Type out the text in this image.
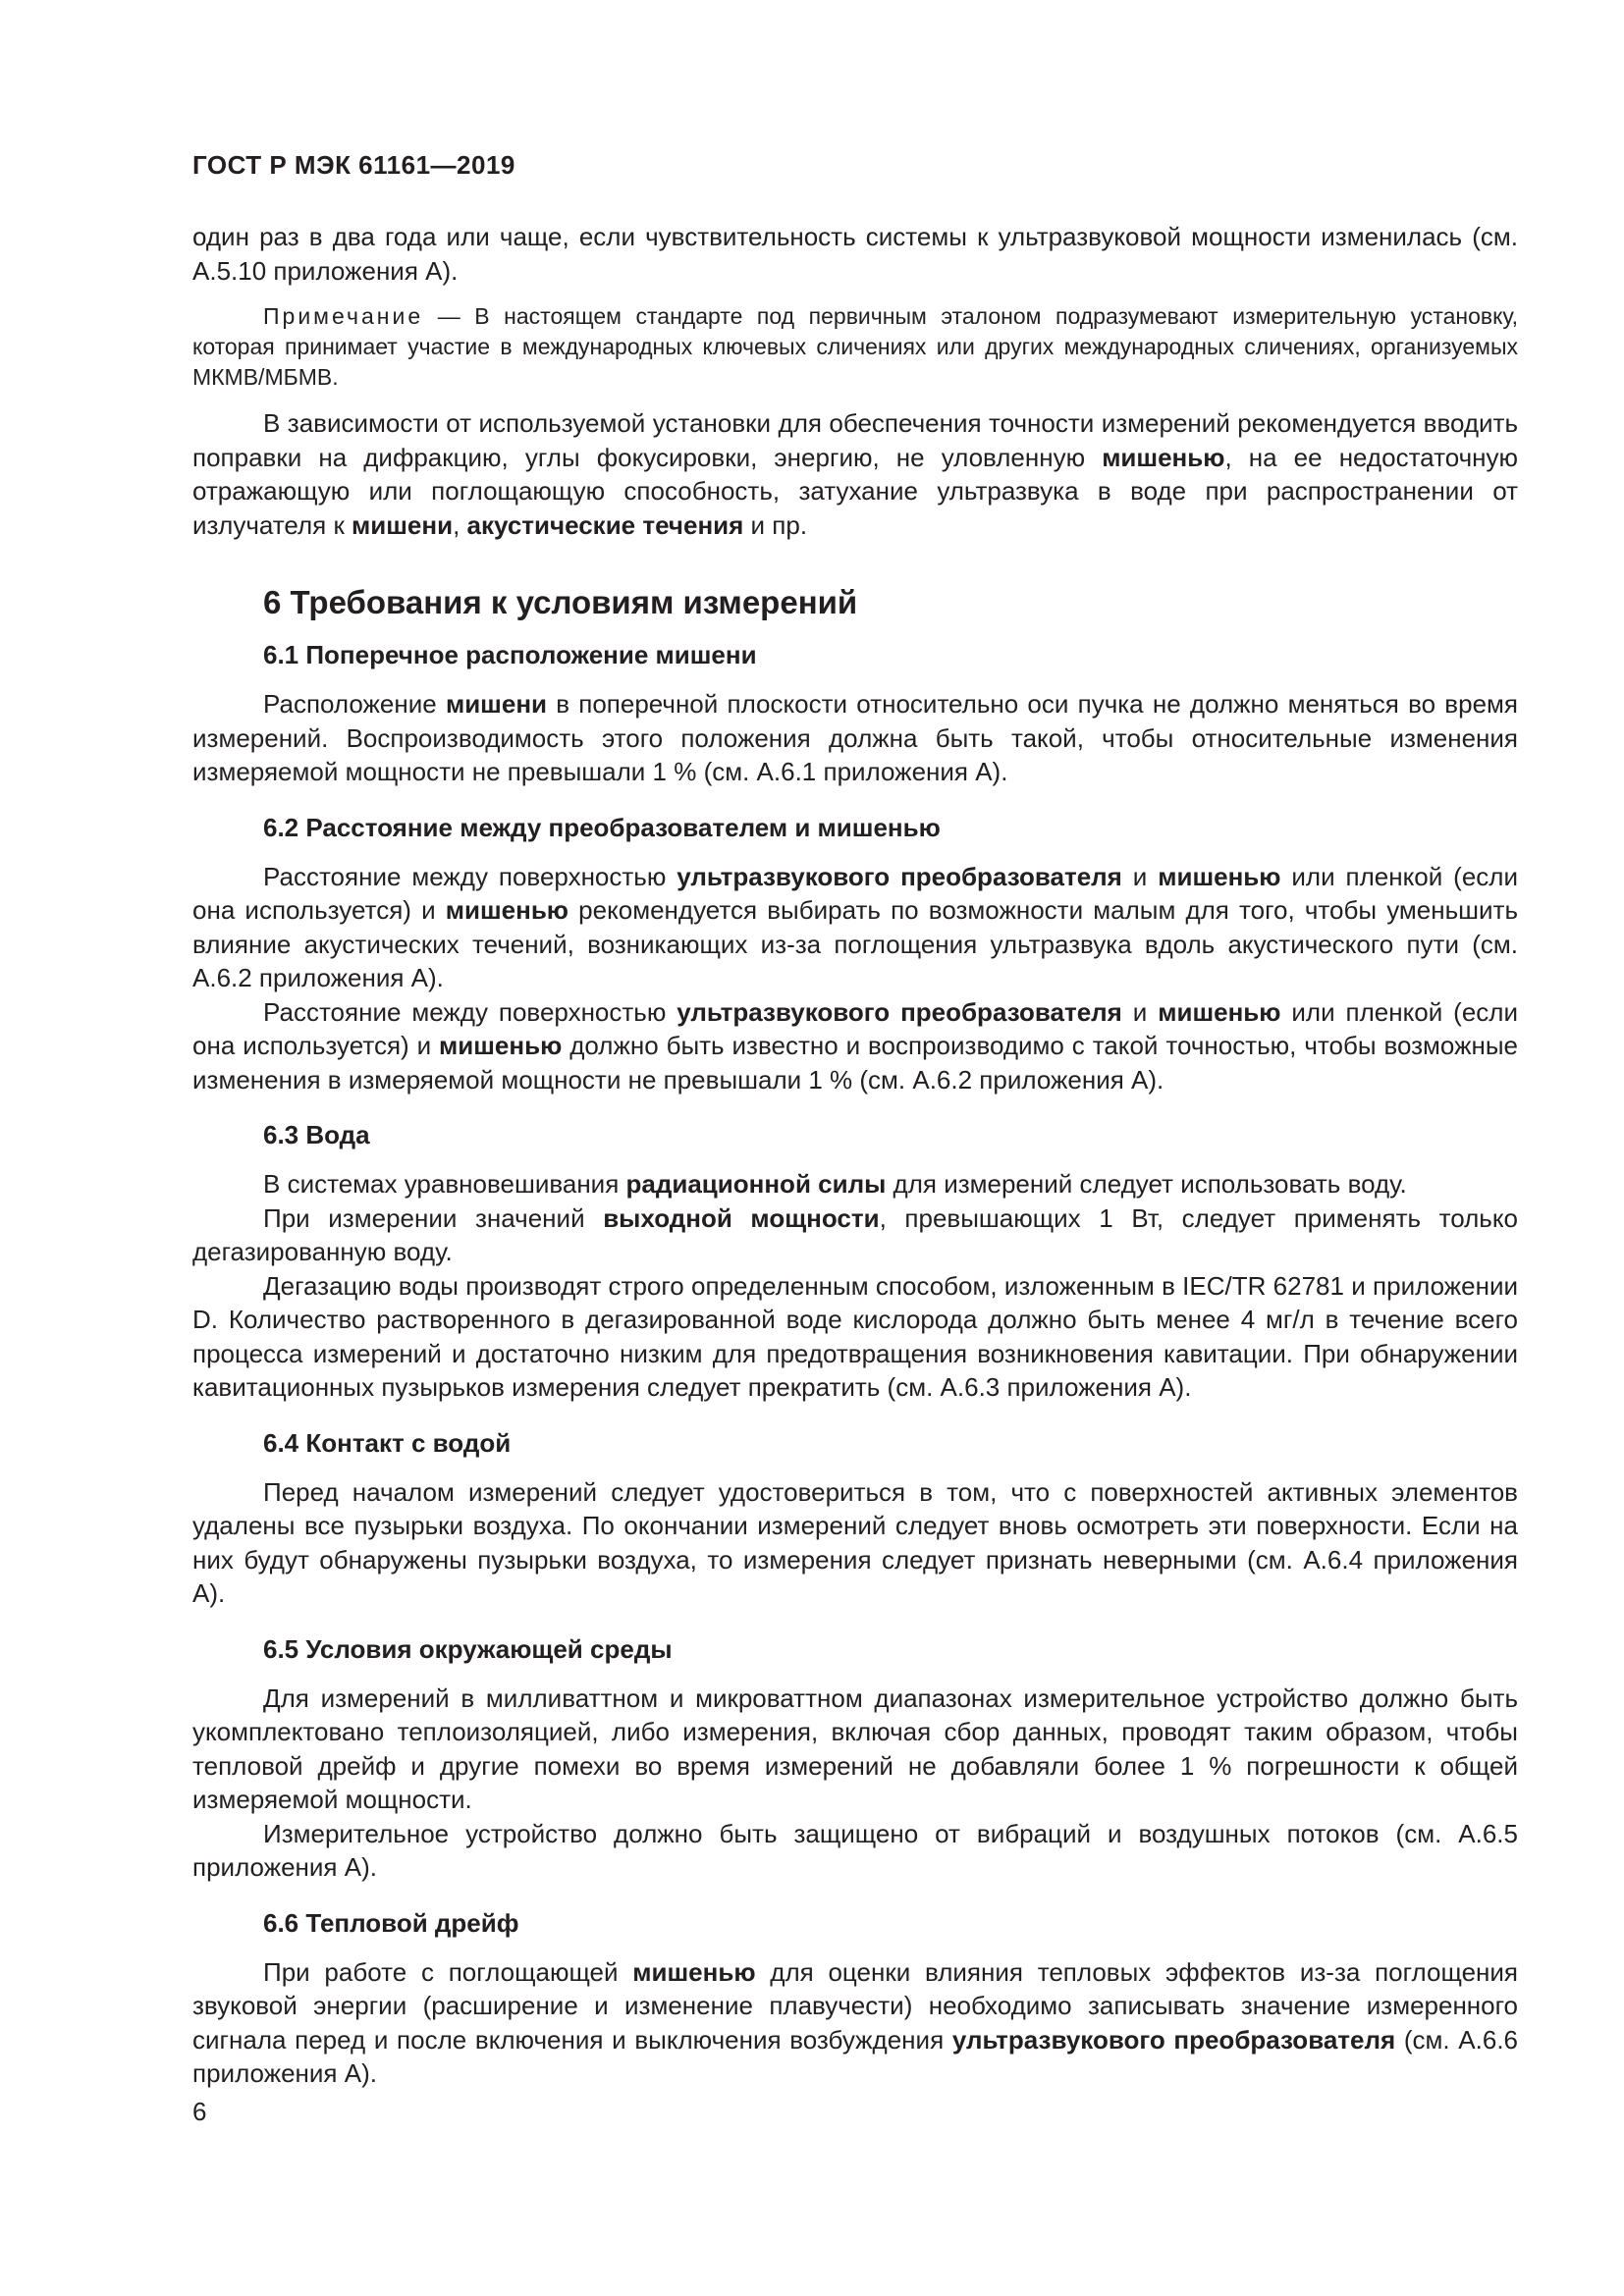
ГОСТ Р МЭК 61161—2019

один раз в два года или чаще, если чувствительность системы к ультразвуковой мощности изменилась (см. А.5.10 приложения А).

Примечание — В настоящем стандарте под первичным эталоном подразумевают измерительную установку, которая принимает участие в международных ключевых сличениях или других международных сличениях, организуемых МКМВ/МБМВ.

В зависимости от используемой установки для обеспечения точности измерений рекомендуется вводить поправки на дифракцию, углы фокусировки, энергию, не уловленную мишенью, на ее недостаточную отражающую или поглощающую способность, затухание ультразвука в воде при распространении от излучателя к мишени, акустические течения и пр.

6 Требования к условиям измерений
6.1 Поперечное расположение мишени

Расположение мишени в поперечной плоскости относительно оси пучка не должно меняться во время измерений. Воспроизводимость этого положения должна быть такой, чтобы относительные изменения измеряемой мощности не превышали 1 % (см. А.6.1 приложения А).

6.2 Расстояние между преобразователем и мишенью

Расстояние между поверхностью ультразвукового преобразователя и мишенью или пленкой (если она используется) и мишенью рекомендуется выбирать по возможности малым для того, чтобы уменьшить влияние акустических течений, возникающих из-за поглощения ультразвука вдоль акустического пути (см. А.6.2 приложения А).

Расстояние между поверхностью ультразвукового преобразователя и мишенью или пленкой (если она используется) и мишенью должно быть известно и воспроизводимо с такой точностью, чтобы возможные изменения в измеряемой мощности не превышали 1 % (см. А.6.2 приложения А).

6.3 Вода

В системах уравновешивания радиационной силы для измерений следует использовать воду.

При измерении значений выходной мощности, превышающих 1 Вт, следует применять только дегазированную воду.

Дегазацию воды производят строго определенным способом, изложенным в IEC/TR 62781 и приложении D. Количество растворенного в дегазированной воде кислорода должно быть менее 4 мг/л в течение всего процесса измерений и достаточно низким для предотвращения возникновения кавитации. При обнаружении кавитационных пузырьков измерения следует прекратить (см. А.6.3 приложения А).

6.4 Контакт с водой

Перед началом измерений следует удостовериться в том, что с поверхностей активных элементов удалены все пузырьки воздуха. По окончании измерений следует вновь осмотреть эти поверхности. Если на них будут обнаружены пузырьки воздуха, то измерения следует признать неверными (см. А.6.4 приложения А).

6.5 Условия окружающей среды

Для измерений в милливаттном и микроваттном диапазонах измерительное устройство должно быть укомплектовано теплоизоляцией, либо измерения, включая сбор данных, проводят таким образом, чтобы тепловой дрейф и другие помехи во время измерений не добавляли более 1 % погрешности к общей измеряемой мощности.

Измерительное устройство должно быть защищено от вибраций и воздушных потоков (см. А.6.5 приложения А).

6.6 Тепловой дрейф

При работе с поглощающей мишенью для оценки влияния тепловых эффектов из-за поглощения звуковой энергии (расширение и изменение плавучести) необходимо записывать значение измеренного сигнала перед и после включения и выключения возбуждения ультразвукового преобразователя (см. А.6.6 приложения А).

6
